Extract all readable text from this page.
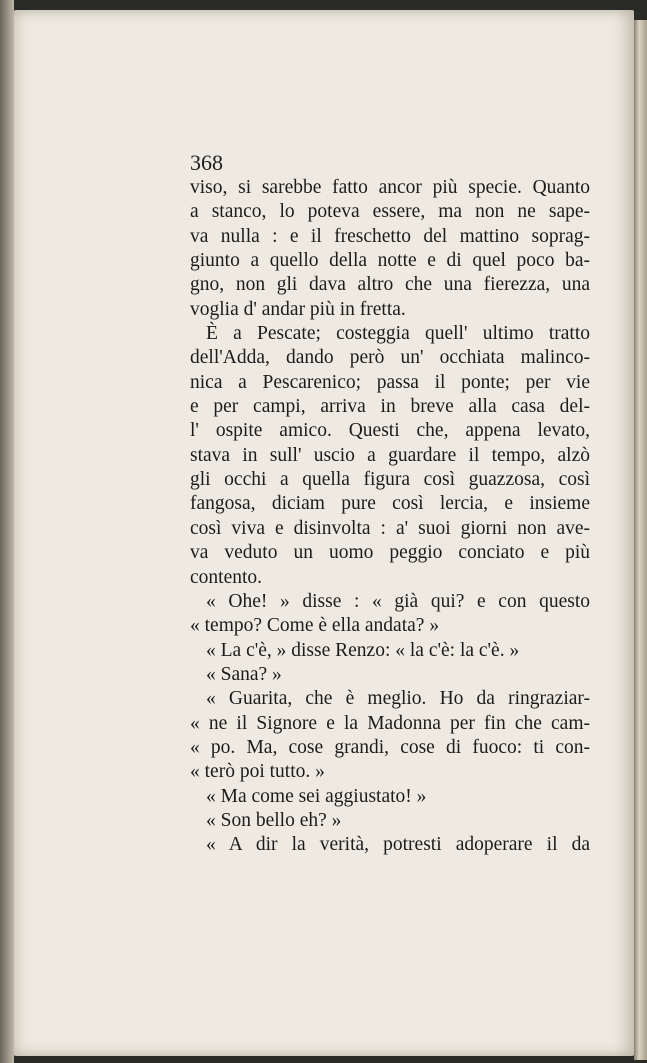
368
viso, si sarebbe fatto ancor più specie. Quanto
a stanco, lo poteva essere, ma non ne sape-
va nulla : e il freschetto del mattino soprag-
giunto a quello della notte e di quel poco ba-
gno, non gli dava altro che una fierezza, una
voglia d' andar più in fretta.
È a Pescate; costeggia quell' ultimo tratto
dell'Adda, dando però un' occhiata malinco-
nica a Pescarenico; passa il ponte; per vie
e per campi, arriva in breve alla casa del-
l' ospite amico. Questi che, appena levato,
stava in sull' uscio a guardare il tempo, alzò
gli occhi a quella figura così guazzosa, così
fangosa, diciam pure così lercia, e insieme
così viva e disinvolta : a' suoi giorni non ave-
va veduto un uomo peggio conciato e più
contento.
« Ohe! » disse : « già qui? e con questo
« tempo? Come è ella andata? »
« La c'è, » disse Renzo: « la c'è: la c'è. »
« Sana? »
« Guarita, che è meglio. Ho da ringraziar-
« ne il Signore e la Madonna per fin che cam-
« po. Ma, cose grandi, cose di fuoco: ti con-
« terò poi tutto. »
« Ma come sei aggiustato! »
« Son bello eh? »
« A dir la verità, potresti adoperare il da
